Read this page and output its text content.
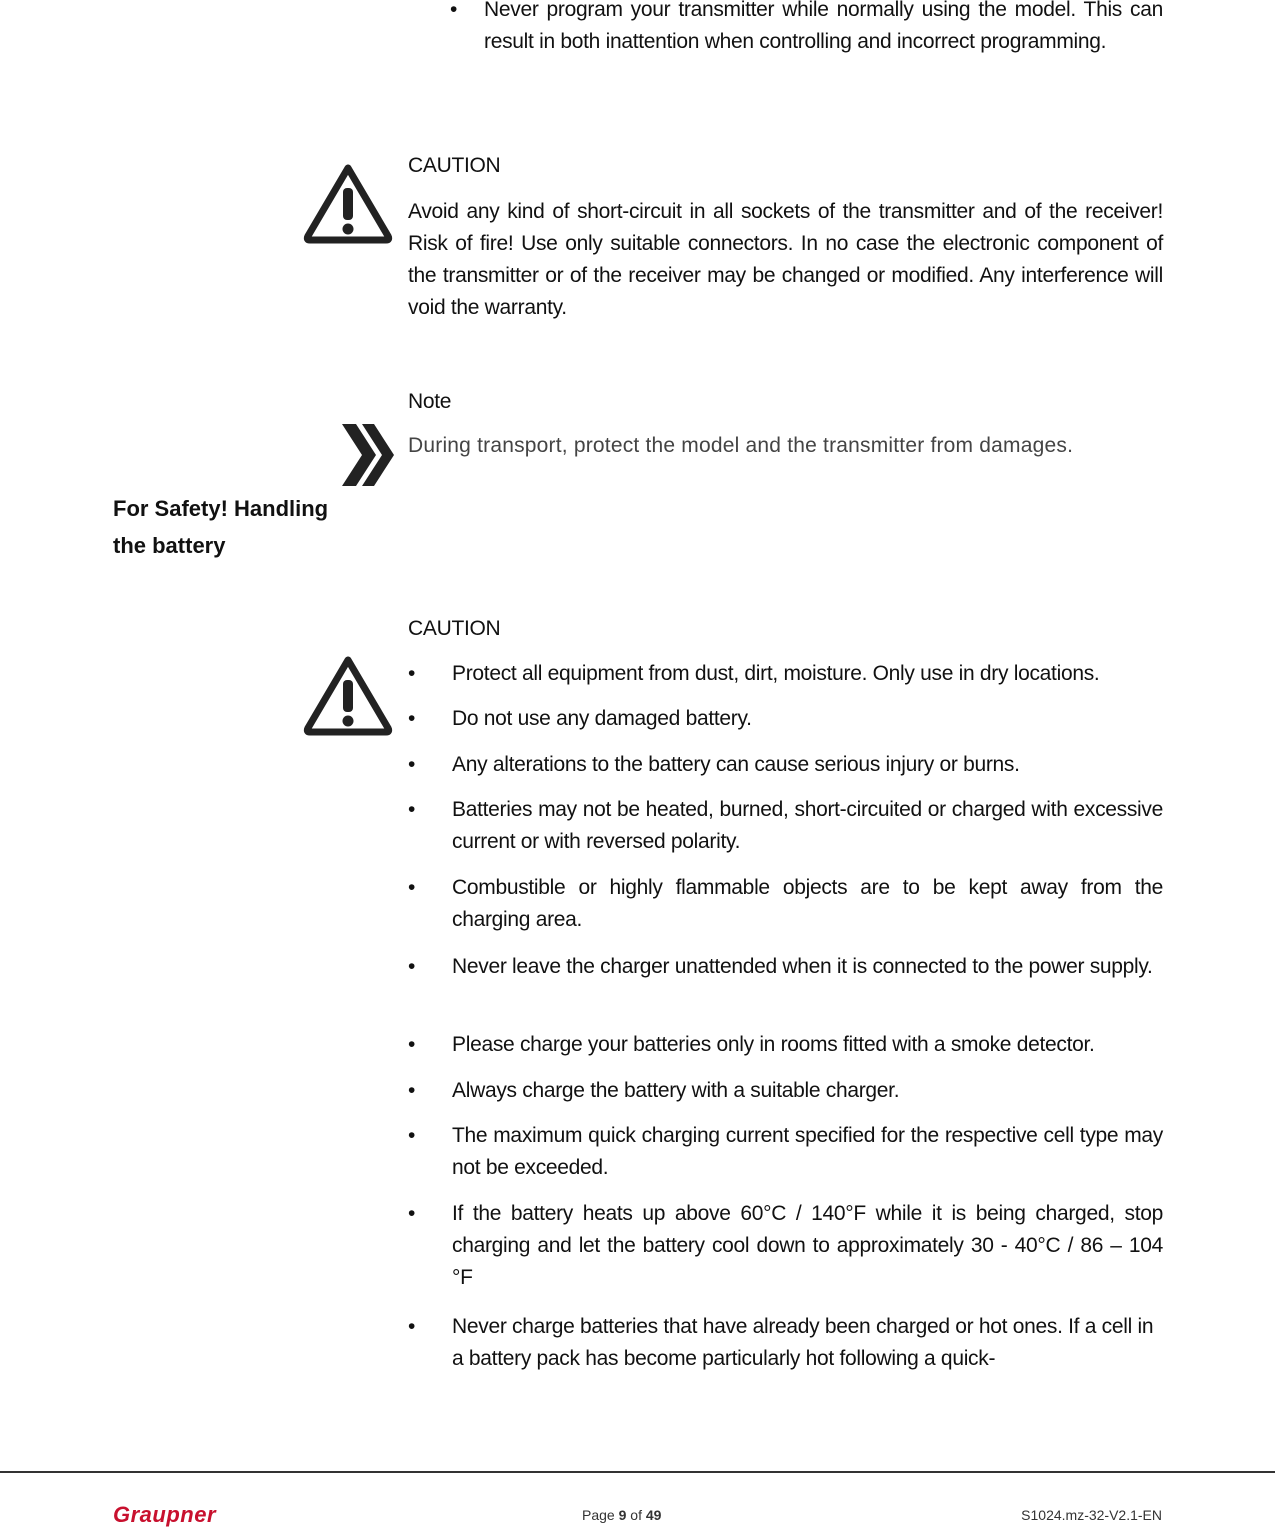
• Never program your transmitter while normally using the model. This can result in both inattention when controlling and incorrect programming.
CAUTION
Avoid any kind of short-circuit in all sockets of the transmitter and of the receiver! Risk of fire! Use only suitable connectors. In no case the electronic component of the transmitter or of the receiver may be changed or modified. Any interference will void the warranty.
Note
During transport, protect the model and the transmitter from damages.
For Safety! Handling the battery
CAUTION
• Protect all equipment from dust, dirt, moisture. Only use in dry locations.
• Do not use any damaged battery.
• Any alterations to the battery can cause serious injury or burns.
• Batteries may not be heated, burned, short-circuited or charged with excessive current or with reversed polarity.
• Combustible or highly flammable objects are to be kept away from the charging area.
• Never leave the charger unattended when it is connected to the power supply.
• Please charge your batteries only in rooms fitted with a smoke detector.
• Always charge the battery with a suitable charger.
• The maximum quick charging current specified for the respective cell type may not be exceeded.
• If the battery heats up above 60°C / 140°F while it is being charged, stop charging and let the battery cool down to approximately 30 - 40°C / 86 – 104 °F
• Never charge batteries that have already been charged or hot ones. If a cell in a battery pack has become particularly hot following a quick-
Graupner	Page 9 of 49	S1024.mz-32-V2.1-EN
